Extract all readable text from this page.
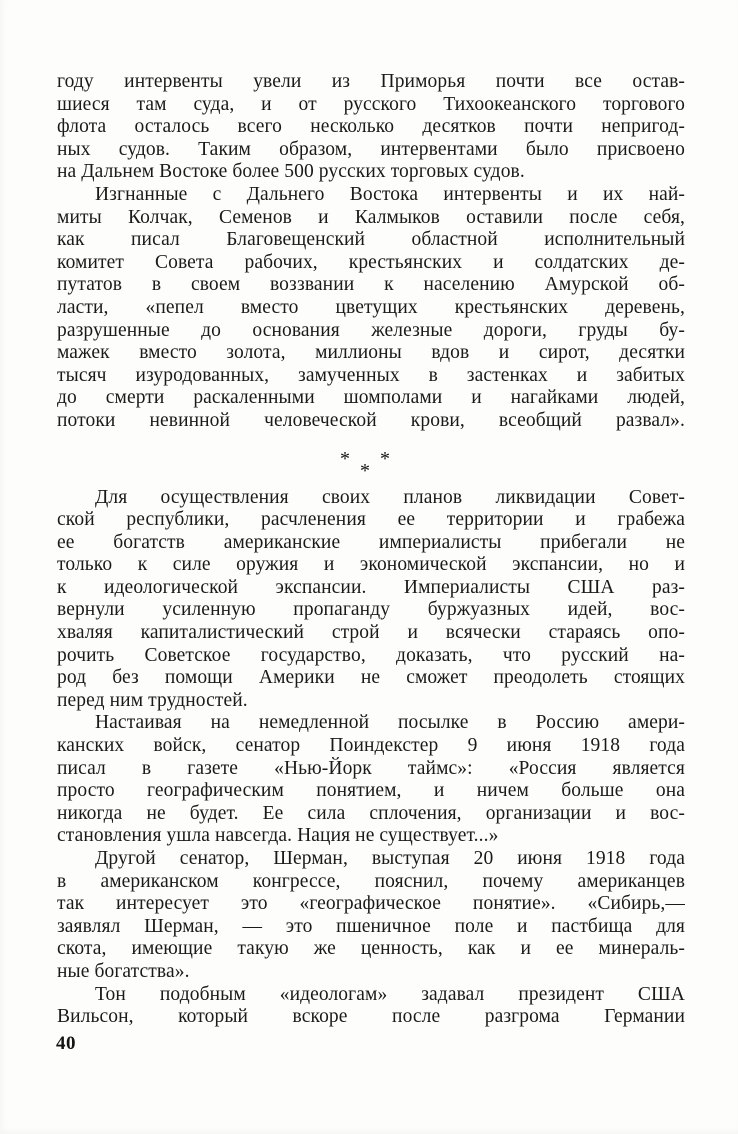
году интервенты увели из Приморья почти все остав-
шиеся там суда, и от русского Тихоокеанского торгового
флота осталось всего несколько десятков почти непригод-
ных судов. Таким образом, интервентами было присвоено
на Дальнем Востоке более 500 русских торговых судов.
Изгнанные с Дальнего Востока интервенты и их най-
миты Колчак, Семенов и Калмыков оставили после себя,
как писал Благовещенский областной исполнительный
комитет Совета рабочих, крестьянских и солдатских де-
путатов в своем воззвании к населению Амурской об-
ласти, «пепел вместо цветущих крестьянских деревень,
разрушенные до основания железные дороги, груды бу-
мажек вместо золота, миллионы вдов и сирот, десятки
тысяч изуродованных, замученных в застенках и забитых
до смерти раскаленными шомполами и нагайками людей,
потоки невинной человеческой крови, всеобщий развал».
* *
*
Для осуществления своих планов ликвидации Совет-
ской республики, расчленения ее территории и грабежа
ее богатств американские империалисты прибегали не
только к силе оружия и экономической экспансии, но и
к идеологической экспансии. Империалисты США раз-
вернули усиленную пропаганду буржуазных идей, вос-
хваляя капиталистический строй и всячески стараясь опо-
рочить Советское государство, доказать, что русский на-
род без помощи Америки не сможет преодолеть стоящих
перед ним трудностей.
Настаивая на немедленной посылке в Россию амери-
канских войск, сенатор Поиндекстер 9 июня 1918 года
писал в газете «Нью-Йорк таймс»: «Россия является
просто географическим понятием, и ничем больше она
никогда не будет. Ее сила сплочения, организации и вос-
становления ушла навсегда. Нация не существует...»
Другой сенатор, Шерман, выступая 20 июня 1918 года
в американском конгрессе, пояснил, почему американцев
так интересует это «географическое понятие». «Сибирь,—
заявлял Шерман, — это пшеничное поле и пастбища для
скота, имеющие такую же ценность, как и ее минераль-
ные богатства».
Тон подобным «идеологам» задавал президент США
Вильсон, который вскоре после разгрома Германии
40
